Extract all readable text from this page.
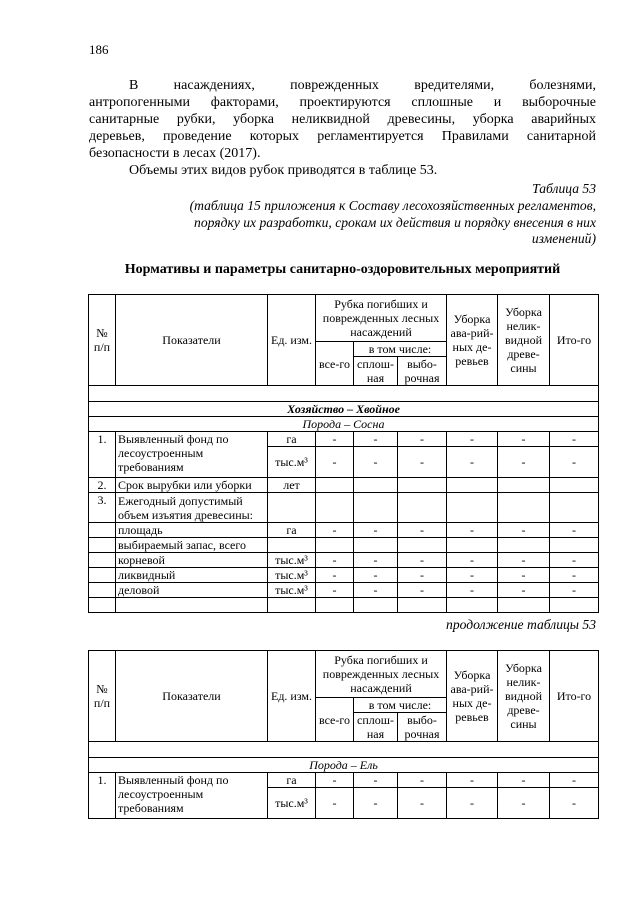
186
В насаждениях, поврежденных вредителями, болезнями,
антропогенными факторами, проектируются сплошные и выборочные
санитарные рубки, уборка неликвидной древесины, уборка аварийных
деревьев, проведение которых регламентируется Правилами санитарной
безопасности в лесах (2017).
Объемы этих видов рубок приводятся в таблице 53.
Таблица 53
(таблица 15 приложения к Составу лесохозяйственных регламентов,
порядку их разработки, срокам их действия и порядку внесения в них
изменений)
Нормативы и параметры санитарно-оздоровительных мероприятий
№ п/п	Показатели	Ед. изм.	Рубка погибших и поврежденных лесных насаждений			Уборка ава-рий-ных де-ревьев	Уборка нелик-видной древе-сины	Ито-го
			все-го	в том числе:				
				сплош-ная	выбо-рочная			

Хозяйство – Хвойное								
Порода – Сосна								
1.	Выявленный фонд по лесоустроенным требованиям	га	-	-	-	-	-	-
		тыс.м³	-	-	-	-	-	-
2.	Срок вырубки или уборки	лет						
3.	Ежегодный допустимый объем изъятия древесины:							
	площадь	га	-	-	-	-	-	-
	выбираемый запас, всего							
	корневой	тыс.м³	-	-	-	-	-	-
	ликвидный	тыс.м³	-	-	-	-	-	-
	деловой	тыс.м³	-	-	-	-	-	-

продолжение таблицы 53
№ п/п	Показатели	Ед. изм.	Рубка погибших и поврежденных лесных насаждений			Уборка ава-рий-ных де-ревьев	Уборка нелик-видной древе-сины	Ито-го
			все-го	в том числе:				
				сплош-ная	выбо-рочная			

Порода – Ель								
1.	Выявленный фонд по лесоустроенным требованиям	га	-	-	-	-	-	-
		тыс.м³	-	-	-	-	-	-
